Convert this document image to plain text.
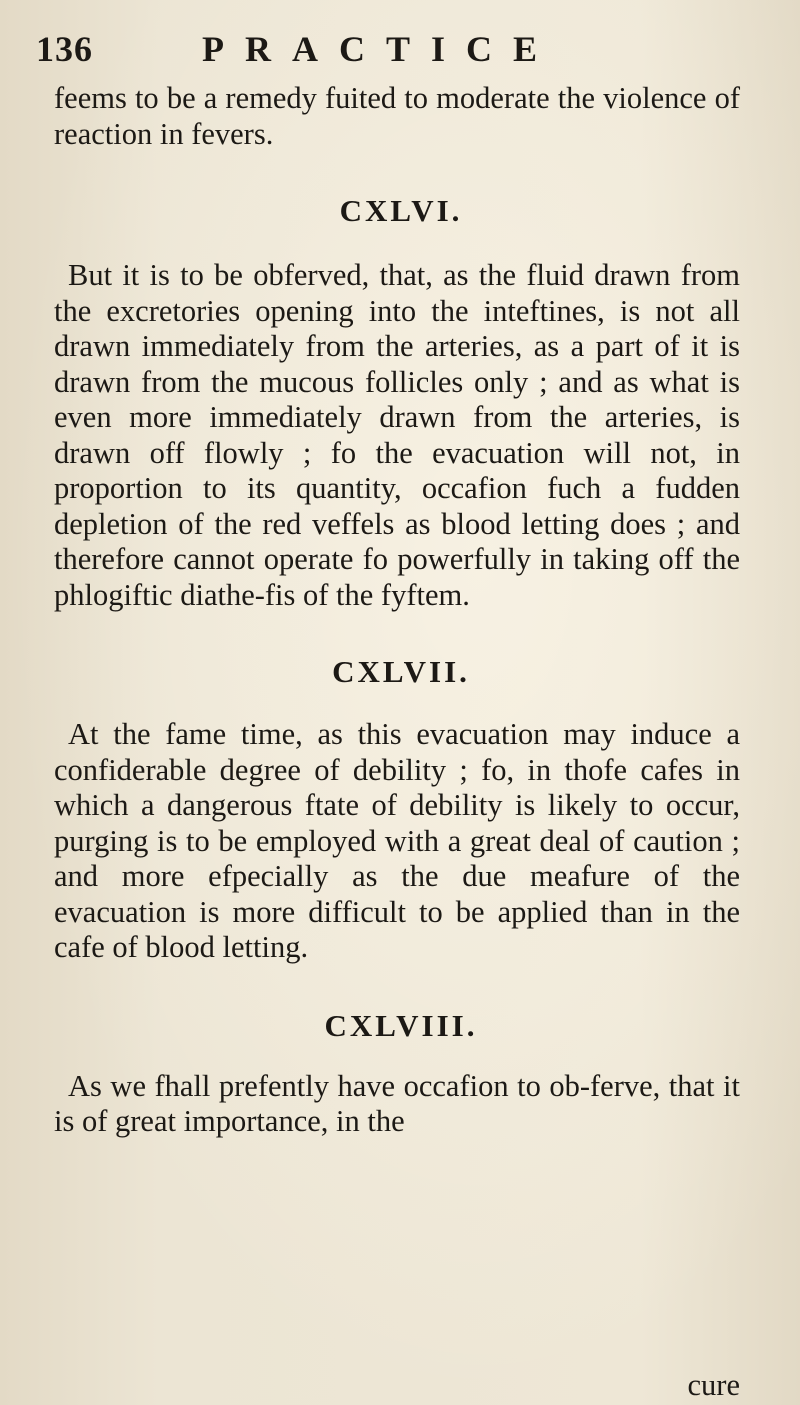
136	PRACTICE

feems to be a remedy fuited to moderate the violence of reaction in fevers.

CXLVI.

But it is to be obferved, that, as the fluid drawn from the excretories opening into the inteftines, is not all drawn immediately from the arteries, as a part of it is drawn from the mucous follicles only ; and as what is even more immediately drawn from the arteries, is drawn off flowly ; fo the evacuation will not, in proportion to its quantity, occafion fuch a fudden depletion of the red veffels as blood letting does ; and therefore cannot operate fo powerfully in taking off the phlogiftic diathe-fis of the fyftem.

CXLVII.

At the fame time, as this evacuation may induce a confiderable degree of debility ; fo, in thofe cafes in which a dangerous ftate of debility is likely to occur, purging is to be employed with a great deal of caution ; and more efpecially as the due meafure of the evacuation is more difficult to be applied than in the cafe of blood letting.

CXLVIII.

As we fhall prefently have occafion to ob-ferve, that it is of great importance, in the

cure
